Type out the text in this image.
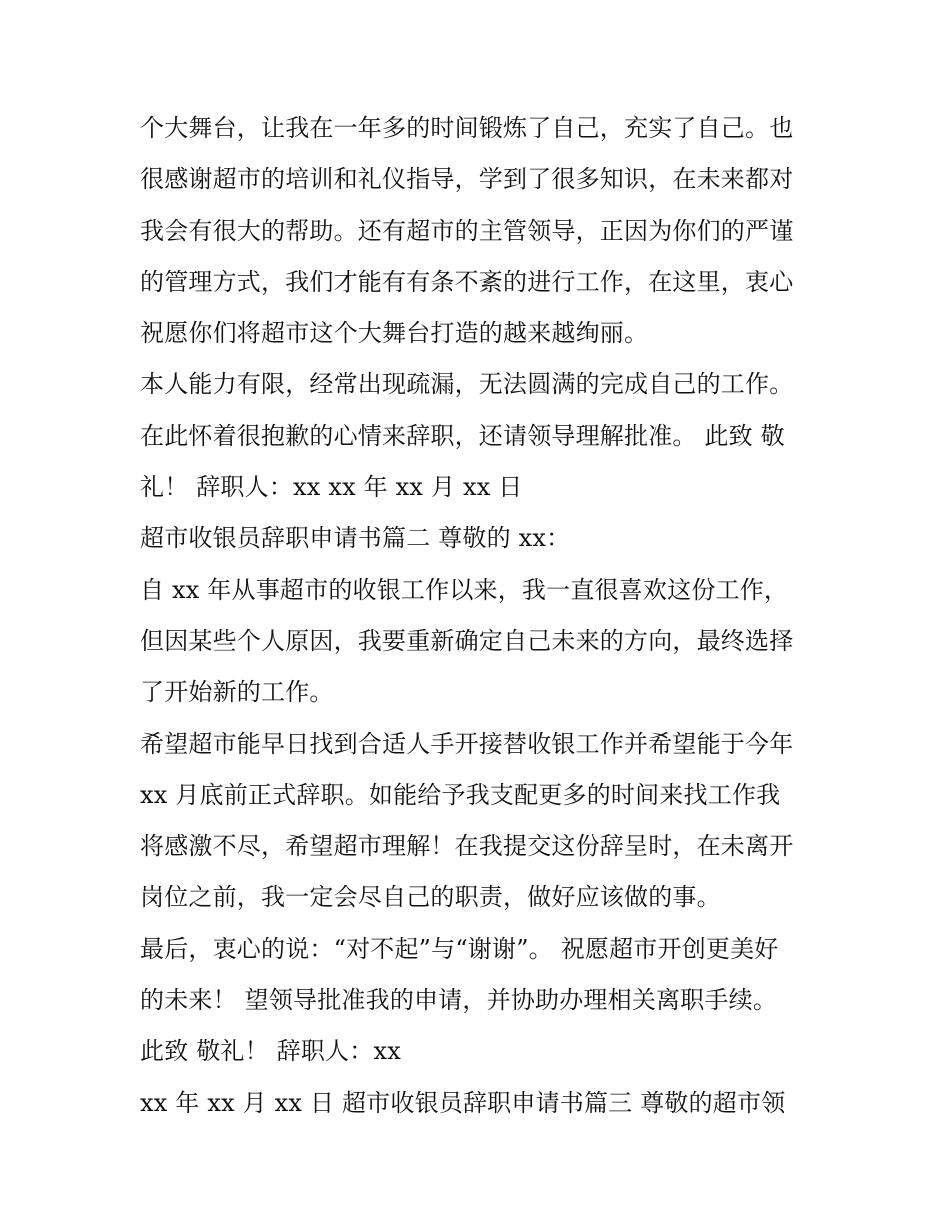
个大舞台，让我在一年多的时间锻炼了自己，充实了自己。也
很感谢超市的培训和礼仪指导，学到了很多知识，在未来都对
我会有很大的帮助。还有超市的主管领导，正因为你们的严谨
的管理方式，我们才能有有条不紊的进行工作，在这里，衷心
祝愿你们将超市这个大舞台打造的越来越绚丽。
本人能力有限，经常出现疏漏，无法圆满的完成自己的工作。
在此怀着很抱歉的心情来辞职，还请领导理解批准。 此致 敬
礼！ 辞职人：xx xx 年 xx 月 xx 日
超市收银员辞职申请书篇二 尊敬的 xx：
自 xx 年从事超市的收银工作以来，我一直很喜欢这份工作，
但因某些个人原因，我要重新确定自己未来的方向，最终选择
了开始新的工作。
希望超市能早日找到合适人手开接替收银工作并希望能于今年
xx 月底前正式辞职。如能给予我支配更多的时间来找工作我
将感激不尽，希望超市理解！在我提交这份辞呈时，在未离开
岗位之前，我一定会尽自己的职责，做好应该做的事。
最后，衷心的说：“对不起”与“谢谢”。 祝愿超市开创更美好
的未来！ 望领导批准我的申请，并协助办理相关离职手续。
此致 敬礼！ 辞职人：xx
xx 年 xx 月 xx 日 超市收银员辞职申请书篇三 尊敬的超市领
